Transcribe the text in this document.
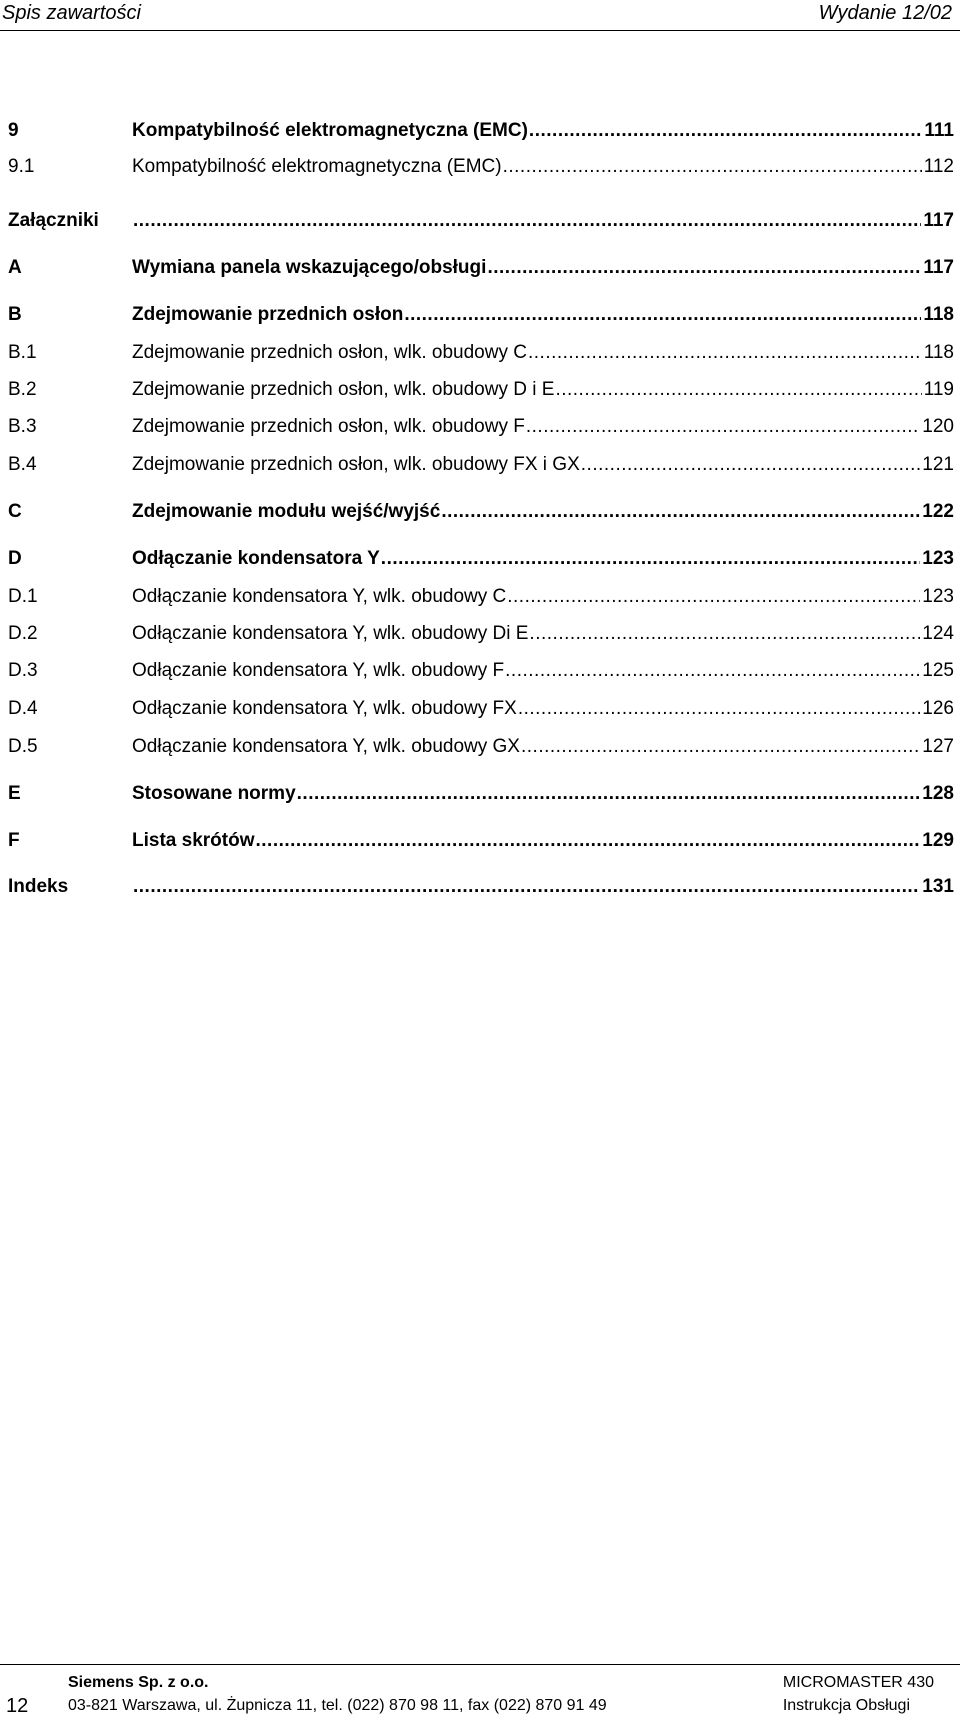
Spis zawartości	Wydanie 12/02
9	Kompatybilność elektromagnetyczna (EMC) .....	111
9.1	Kompatybilność elektromagnetyczna (EMC) .....	112
Załączniki .....	117
A	Wymiana panela wskazującego/obsługi .....	117
B	Zdejmowanie przednich osłon .....	118
B.1	Zdejmowanie przednich osłon, wlk. obudowy C .....	118
B.2	Zdejmowanie przednich osłon, wlk. obudowy D i E .....	119
B.3	Zdejmowanie przednich osłon, wlk. obudowy F .....	120
B.4	Zdejmowanie przednich osłon, wlk. obudowy FX i GX .....	121
C	Zdejmowanie modułu wejść/wyjść .....	122
D	Odłączanie kondensatora Y .....	123
D.1	Odłączanie kondensatora Y, wlk. obudowy C .....	123
D.2	Odłączanie kondensatora Y, wlk. obudowy Di E .....	124
D.3	Odłączanie kondensatora Y, wlk. obudowy F .....	125
D.4	Odłączanie kondensatora Y, wlk. obudowy FX .....	126
D.5	Odłączanie kondensatora Y, wlk. obudowy GX .....	127
E	Stosowane normy .....	128
F	Lista skrótów .....	129
Indeks .....	131
12
Siemens Sp. z o.o.
03-821 Warszawa, ul. Żupnicza 11, tel. (022) 870 98 11, fax (022) 870 91 49
MICROMASTER 430
Instrukcja Obsługi
